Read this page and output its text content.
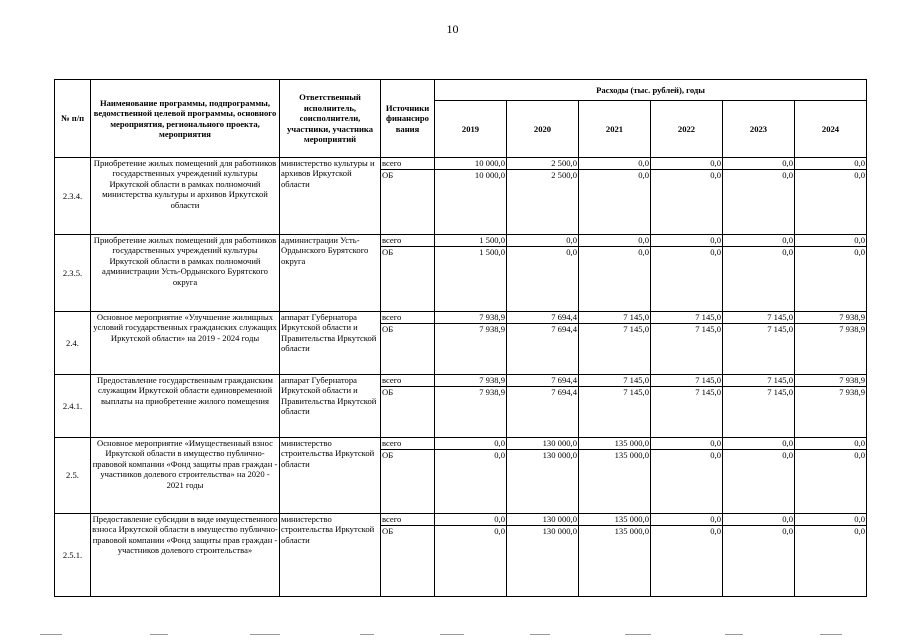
10
№ п/п	Наименование программы, подпрограммы, ведомственной целевой программы, основного мероприятия, регионального проекта, мероприятия	Ответственный исполнитель, соисполнители, участники, участника мероприятий	Источники финансиро вания	Расходы (тыс. рублей), годы					
				2019	2020	2021	2022	2023	2024
2.3.4.	Приобретение жилых помещений для работников государственных учреждений культуры Иркутской области в рамках полномочий министерства культуры и архивов Иркутской области	министерство культуры и архивов Иркутской области	всего	10 000,0	2 500,0	0,0	0,0	0,0	0,0
			ОБ	10 000,0	2 500,0	0,0	0,0	0,0	0,0
2.3.5.	Приобретение жилых помещений для работников государственных учреждений культуры Иркутской области в рамках полномочий администрации Усть-Ордынского Бурятского округа	администрации Усть-Ордынского Бурятского округа	всего	1 500,0	0,0	0,0	0,0	0,0	0,0
			ОБ	1 500,0	0,0	0,0	0,0	0,0	0,0
2.4.	Основное мероприятие «Улучшение жилищных условий государственных гражданских служащих Иркутской области» на 2019 - 2024 годы	аппарат Губернатора Иркутской области и Правительства Иркутской области	всего	7 938,9	7 694,4	7 145,0	7 145,0	7 145,0	7 938,9
			ОБ	7 938,9	7 694,4	7 145,0	7 145,0	7 145,0	7 938,9
2.4.1.	Предоставление государственным гражданским служащим Иркутской области единовременной выплаты на приобретение жилого помещения	аппарат Губернатора Иркутской области и Правительства Иркутской области	всего	7 938,9	7 694,4	7 145,0	7 145,0	7 145,0	7 938,9
			ОБ	7 938,9	7 694,4	7 145,0	7 145,0	7 145,0	7 938,9
2.5.	Основное мероприятие «Имущественный взнос Иркутской области в имущество публично-правовой компании «Фонд защиты прав граждан - участников долевого строительства» на 2020 - 2021 годы	министерство строительства Иркутской области	всего	0,0	130 000,0	135 000,0	0,0	0,0	0,0
			ОБ	0,0	130 000,0	135 000,0	0,0	0,0	0,0
2.5.1.	Предоставление субсидии в виде имущественного взноса Иркутской области в имущество публично-правовой компании «Фонд защиты прав граждан - участников долевого строительства»	министерство строительства Иркутской области	всего	0,0	130 000,0	135 000,0	0,0	0,0	0,0
			ОБ	0,0	130 000,0	135 000,0	0,0	0,0	0,0
